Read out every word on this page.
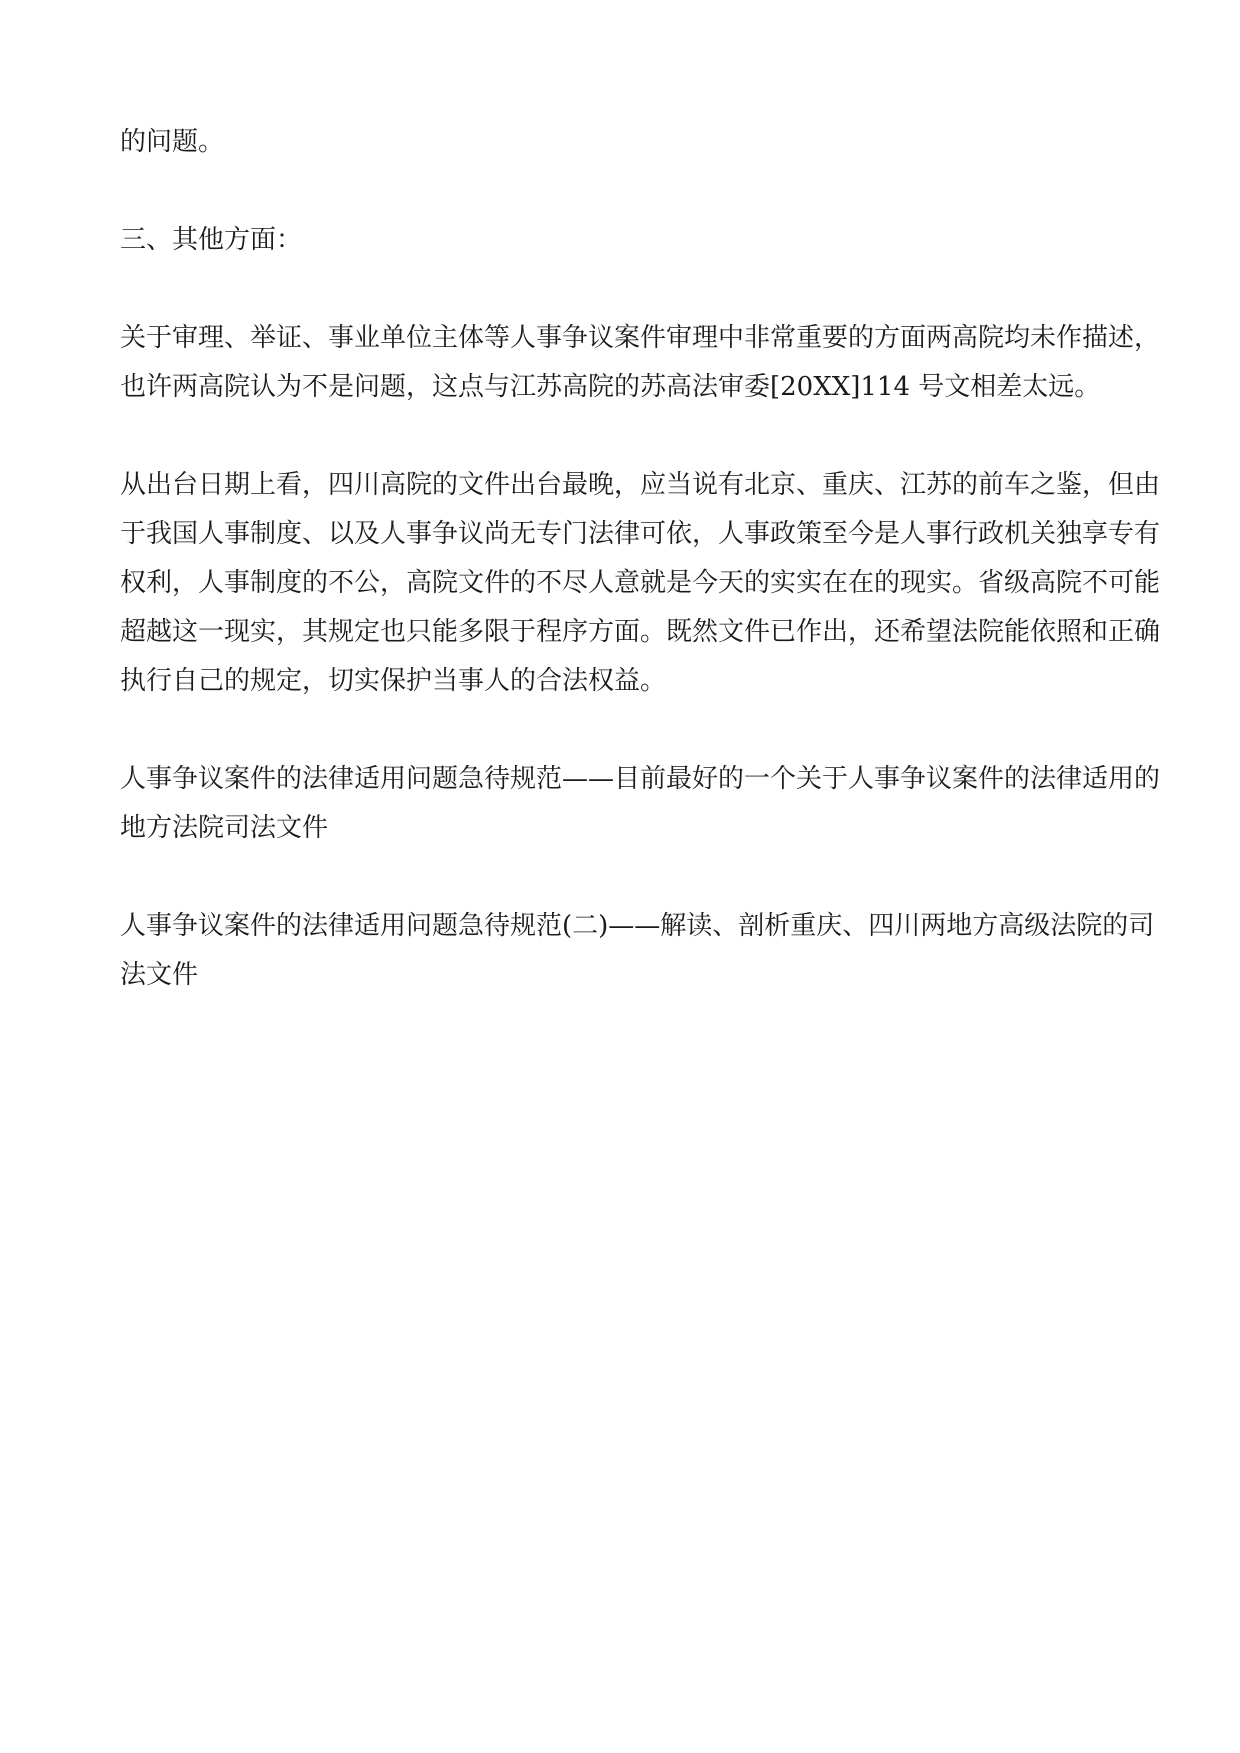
的问题。
三、其他方面：
关于审理、举证、事业单位主体等人事争议案件审理中非常重要的方面两高院均未作描述，
也许两高院认为不是问题，这点与江苏高院的苏高法审委[20XX]114 号文相差太远。
从出台日期上看，四川高院的文件出台最晚，应当说有北京、重庆、江苏的前车之鉴，但由
于我国人事制度、以及人事争议尚无专门法律可依，人事政策至今是人事行政机关独享专有
权利，人事制度的不公，高院文件的不尽人意就是今天的实实在在的现实。省级高院不可能
超越这一现实，其规定也只能多限于程序方面。既然文件已作出，还希望法院能依照和正确
执行自己的规定，切实保护当事人的合法权益。
人事争议案件的法律适用问题急待规范——目前最好的一个关于人事争议案件的法律适用的
地方法院司法文件
人事争议案件的法律适用问题急待规范(二)——解读、剖析重庆、四川两地方高级法院的司
法文件
